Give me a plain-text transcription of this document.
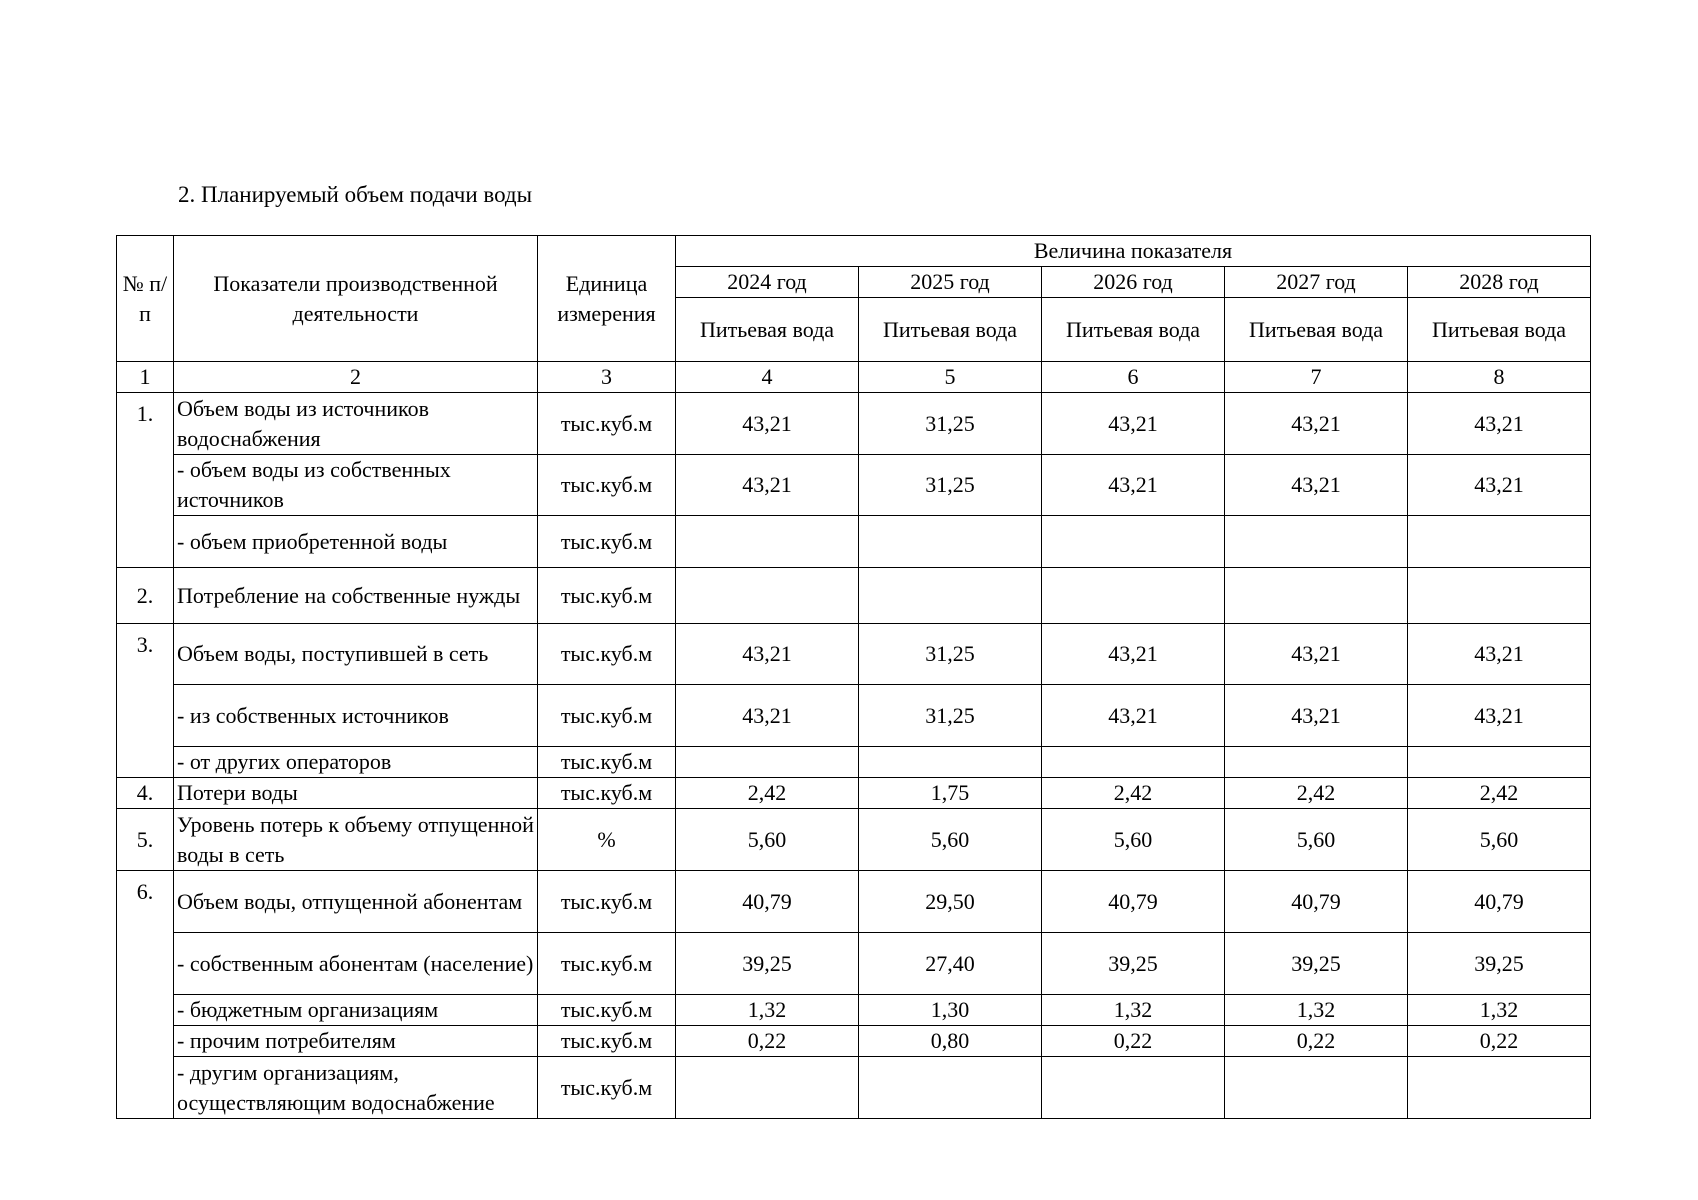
2. Планируемый объем подачи воды
№ п/п	Показатели производственной деятельности	Единица измерения	Величина показателя				
			2024 год	2025 год	2026 год	2027 год	2028 год
			Питьевая вода	Питьевая вода	Питьевая вода	Питьевая вода	Питьевая вода
1	2	3	4	5	6	7	8
1.	Объем воды из источников водоснабжения	тыс.куб.м	43,21	31,25	43,21	43,21	43,21
	- объем воды из собственных источников	тыс.куб.м	43,21	31,25	43,21	43,21	43,21
	- объем приобретенной воды	тыс.куб.м					
2.	Потребление на собственные нужды	тыс.куб.м					
3.	Объем воды, поступившей в сеть	тыс.куб.м	43,21	31,25	43,21	43,21	43,21
	- из собственных источников	тыс.куб.м	43,21	31,25	43,21	43,21	43,21
	- от других операторов	тыс.куб.м					
4.	Потери воды	тыс.куб.м	2,42	1,75	2,42	2,42	2,42
5.	Уровень потерь к объему отпущенной воды в сеть	%	5,60	5,60	5,60	5,60	5,60
6.	Объем воды, отпущенной абонентам	тыс.куб.м	40,79	29,50	40,79	40,79	40,79
	- собственным абонентам (население)	тыс.куб.м	39,25	27,40	39,25	39,25	39,25
	- бюджетным организациям	тыс.куб.м	1,32	1,30	1,32	1,32	1,32
	- прочим потребителям	тыс.куб.м	0,22	0,80	0,22	0,22	0,22
	- другим организациям, осуществляющим водоснабжение	тыс.куб.м					
